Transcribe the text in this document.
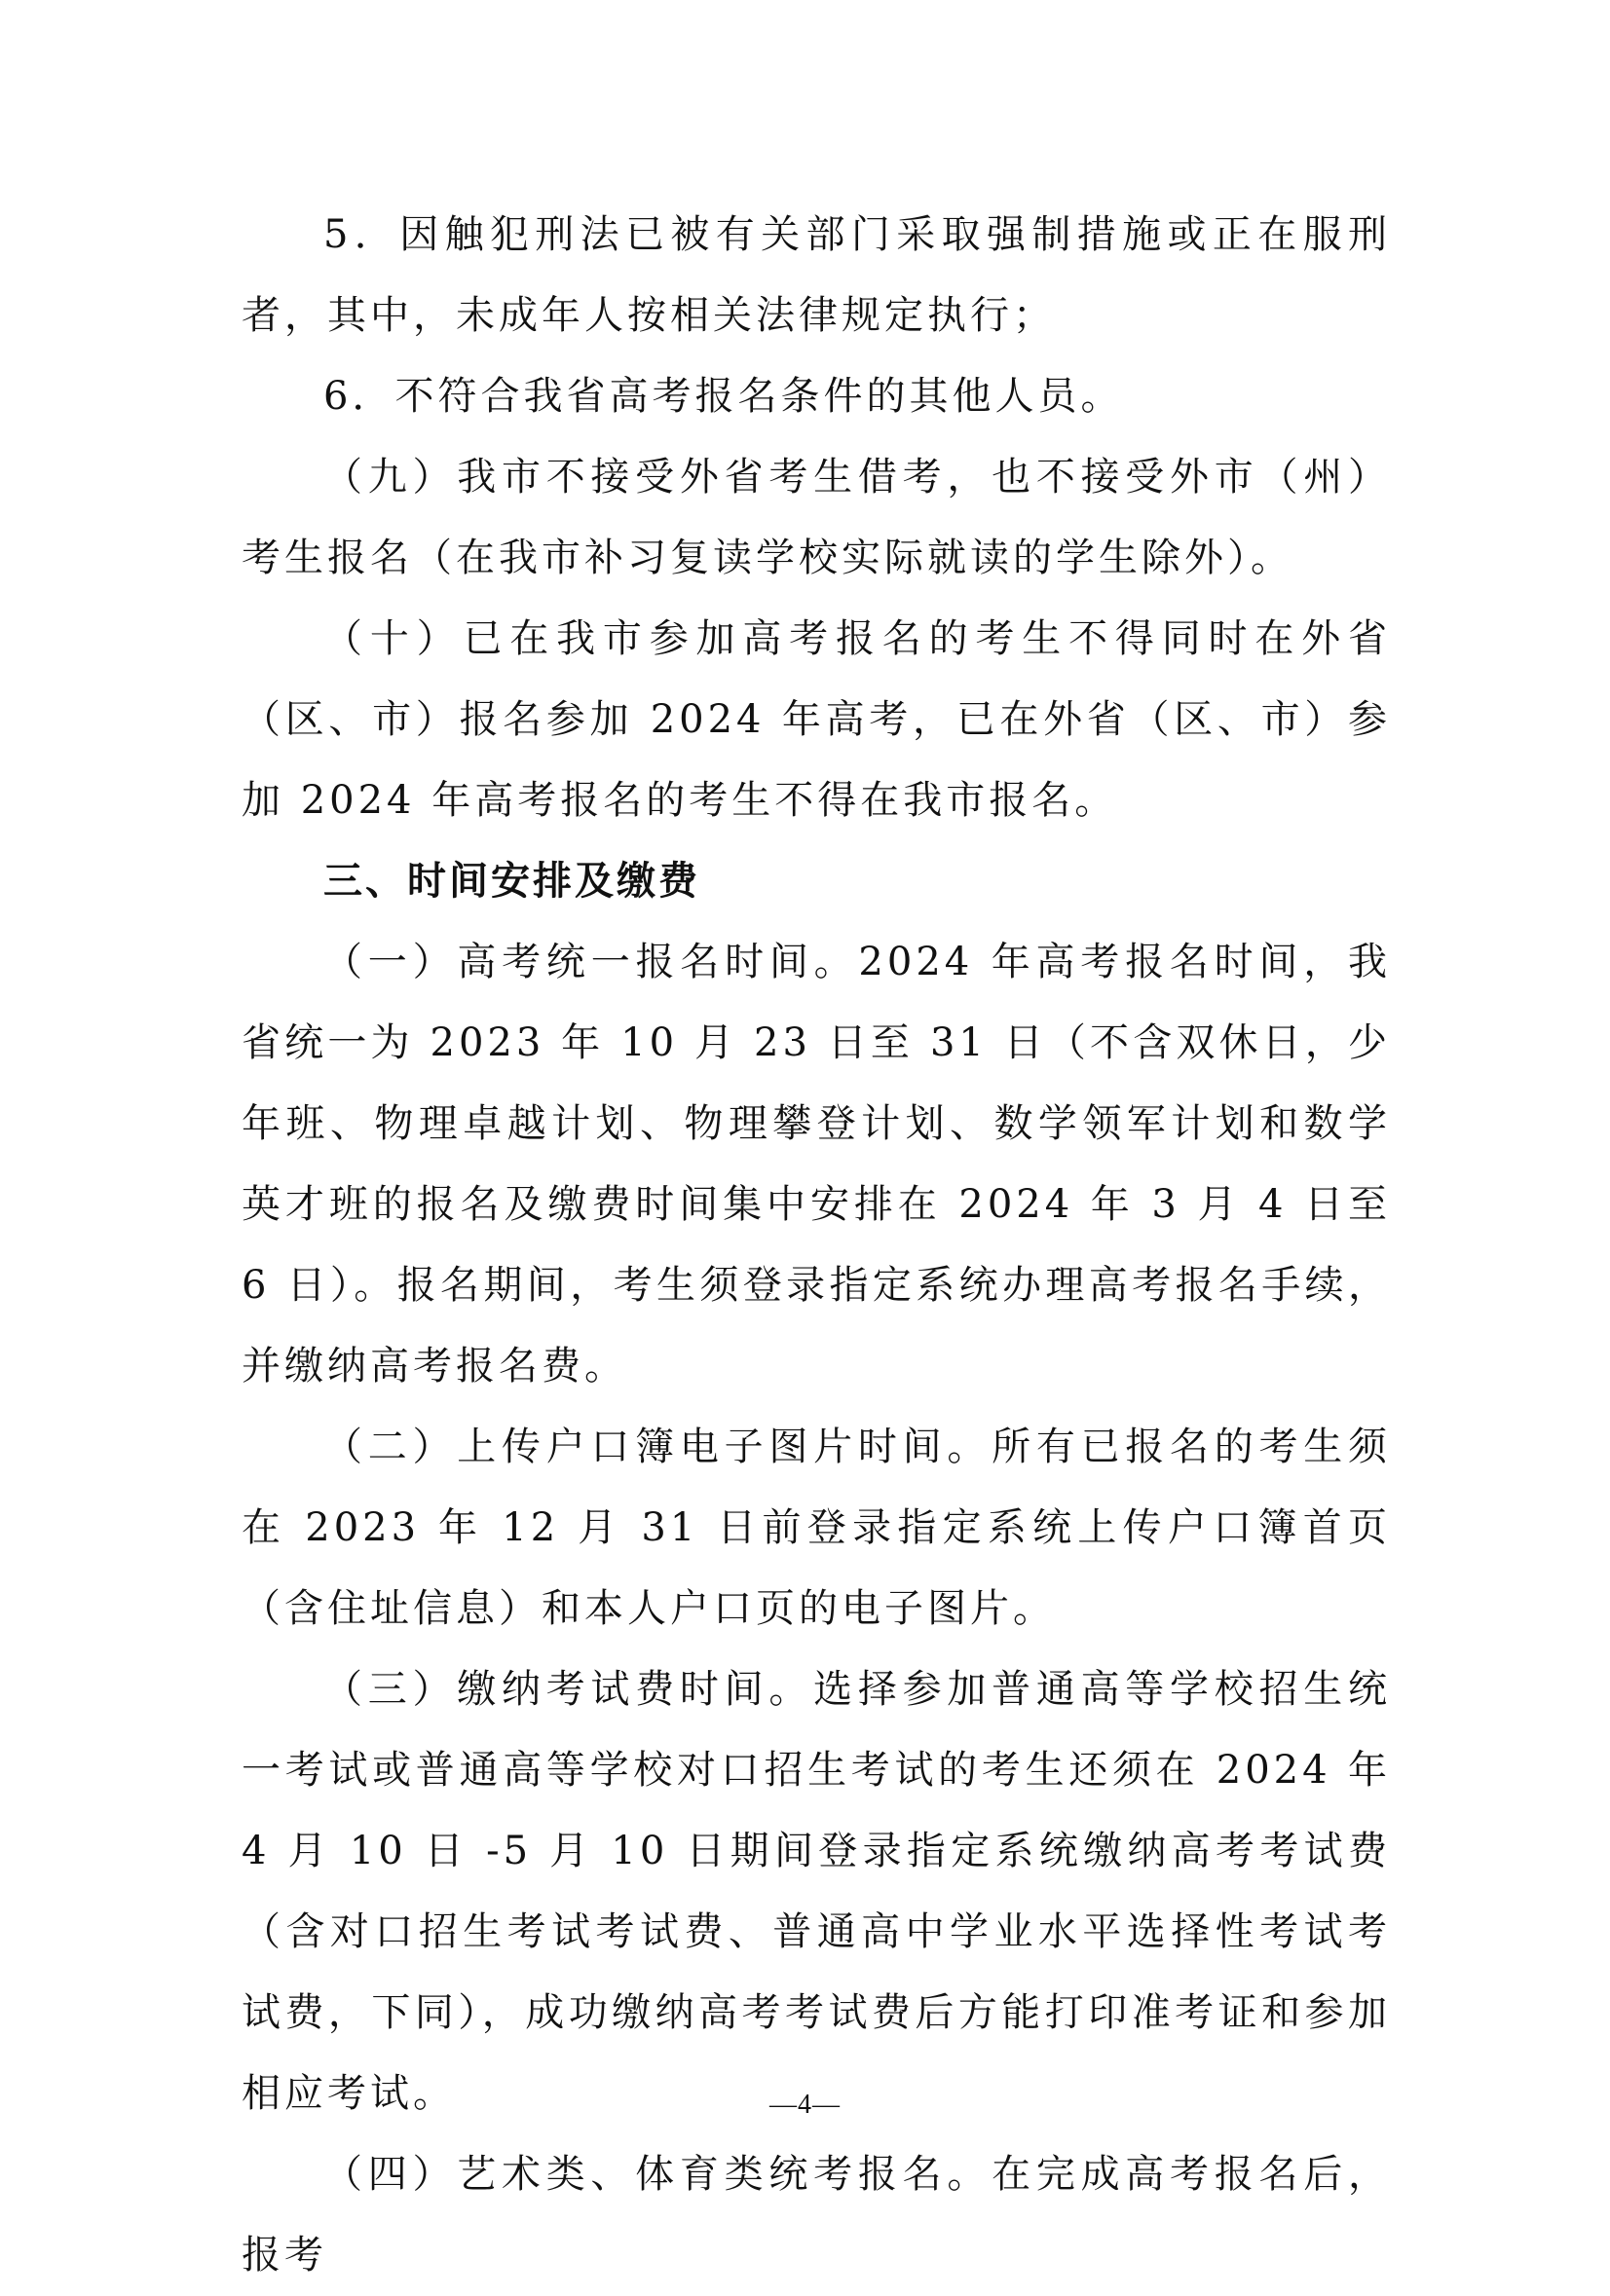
5．因触犯刑法已被有关部门采取强制措施或正在服刑者，其中，未成年人按相关法律规定执行；

6．不符合我省高考报名条件的其他人员。

（九）我市不接受外省考生借考，也不接受外市（州）考生报名（在我市补习复读学校实际就读的学生除外）。

（十）已在我市参加高考报名的考生不得同时在外省（区、市）报名参加 2024 年高考，已在外省（区、市）参加 2024 年高考报名的考生不得在我市报名。

三、时间安排及缴费

（一）高考统一报名时间。2024 年高考报名时间，我省统一为 2023 年 10 月 23 日至 31 日（不含双休日，少年班、物理卓越计划、物理攀登计划、数学领军计划和数学英才班的报名及缴费时间集中安排在 2024 年 3 月 4 日至 6 日）。报名期间，考生须登录指定系统办理高考报名手续，并缴纳高考报名费。

（二）上传户口簿电子图片时间。所有已报名的考生须在 2023 年 12 月 31 日前登录指定系统上传户口簿首页（含住址信息）和本人户口页的电子图片。

（三）缴纳考试费时间。选择参加普通高等学校招生统一考试或普通高等学校对口招生考试的考生还须在 2024 年 4 月 10 日 -5 月 10 日期间登录指定系统缴纳高考考试费（含对口招生考试考试费、普通高中学业水平选择性考试考试费，下同），成功缴纳高考考试费后方能打印准考证和参加相应考试。

（四）艺术类、体育类统考报名。在完成高考报名后，报考

—4—
